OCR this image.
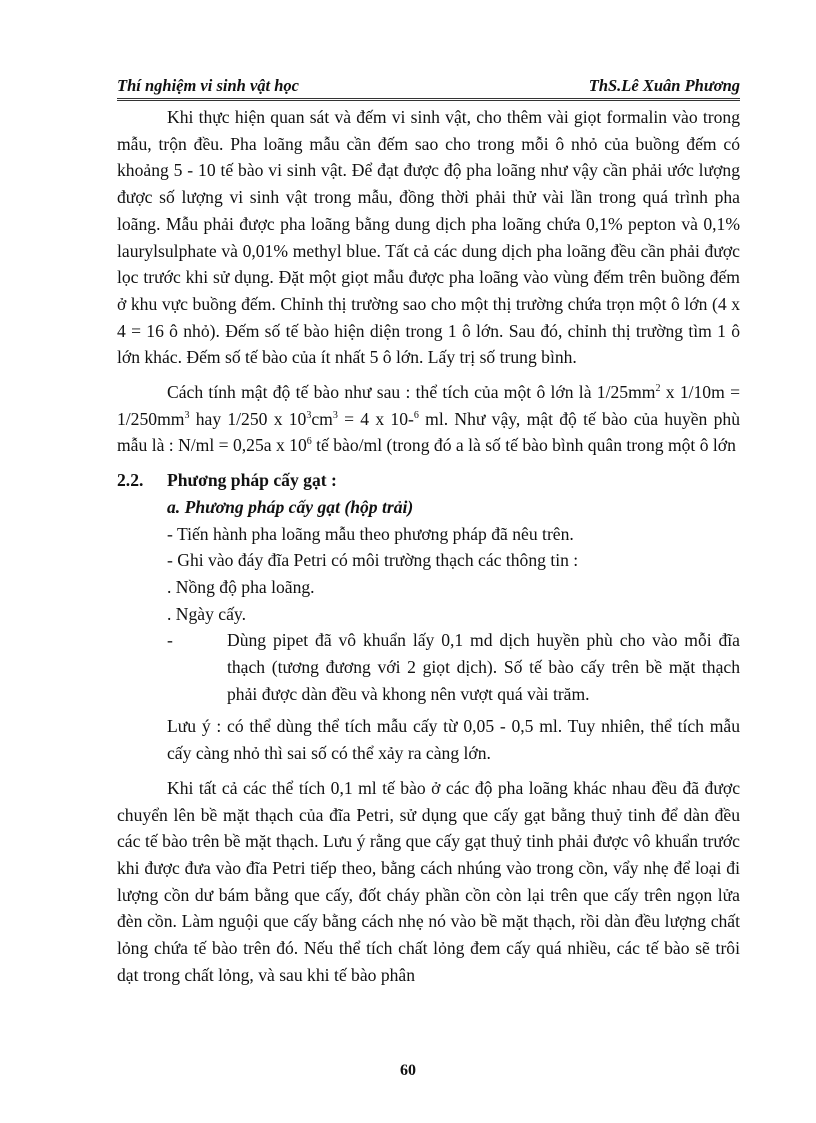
Thí nghiệm vi sinh vật học	ThS.Lê Xuân Phương

Khi thực hiện quan sát và đếm vi sinh vật, cho thêm vài giọt formalin vào trong mẫu, trộn đều. Pha loãng mẫu cần đếm sao cho trong mỗi ô nhỏ của buồng đếm có khoảng 5 - 10 tế bào vi sinh vật. Để đạt được độ pha loãng như vậy cần phải ước lượng được số lượng vi sinh vật trong mẫu, đồng thời phải thử vài lần trong quá trình pha loãng. Mẫu phải được pha loãng bằng dung dịch pha loãng chứa 0,1% pepton và 0,1% laurylsulphate và 0,01% methyl blue. Tất cả các dung dịch pha loãng đều cần phải được lọc trước khi sử dụng. Đặt một giọt mẫu được pha loãng vào vùng đếm trên buồng đếm ở khu vực buồng đếm. Chỉnh thị trường sao cho một thị trường chứa trọn một ô lớn (4 x 4 = 16 ô nhỏ). Đếm số tế bào hiện diện trong 1 ô lớn. Sau đó, chỉnh thị trường tìm 1 ô lớn khác. Đếm số tế bào của ít nhất 5 ô lớn. Lấy trị số trung bình.

Cách tính mật độ tế bào như sau : thể tích của một ô lớn là $1/25mm^2$ x $1/10m = 1/250mm^3$ hay 1/250 x $10^3cm^3 = 4$ x 10-$^6$ ml. Như vậy, mật độ tế bào của huyền phù mẫu là : N/ml = 0,25a x $10^6$ tế bào/ml (trong đó a là số tế bào bình quân trong một ô lớn

2.2.	Phương pháp cấy gạt :

a. Phương pháp cấy gạt (hộp trải)

- Tiến hành pha loãng mẫu theo phương pháp đã nêu trên.

- Ghi vào đáy đĩa Petri có môi trường thạch các thông tin :

. Nồng độ pha loãng.

. Ngày cấy.

-	Dùng pipet đã vô khuẩn lấy 0,1 md dịch huyền phù cho vào mỗi đĩa thạch (tương đương với 2 giọt dịch). Số tế bào cấy trên bề mặt thạch phải được dàn đều và khong nên vượt quá vài trăm.

Lưu ý : có thể dùng thể tích mẫu cấy từ 0,05 - 0,5 ml. Tuy nhiên, thể tích mẫu cấy càng nhỏ thì sai số có thể xảy ra càng lớn.

Khi tất cả các thể tích 0,1 ml tế bào ở các độ pha loãng khác nhau đều đã được chuyển lên bề mặt thạch của đĩa Petri, sử dụng que cấy gạt bằng thuỷ tinh để dàn đều các tế bào trên bề mặt thạch. Lưu ý rằng que cấy gạt thuỷ tinh phải được vô khuẩn trước khi được đưa vào đĩa Petri tiếp theo, bằng cách nhúng vào trong cồn, vẩy nhẹ để loại đi lượng cồn dư bám bằng que cấy, đốt cháy phần cồn còn lại trên que cấy trên ngọn lửa đèn cồn. Làm nguội que cấy bằng cách nhẹ nó vào bề mặt thạch, rồi dàn đều lượng chất lỏng chứa tế bào trên đó. Nếu thể tích chất lỏng đem cấy quá nhiều, các tế bào sẽ trôi dạt trong chất lỏng, và sau khi tế bào phân

60
